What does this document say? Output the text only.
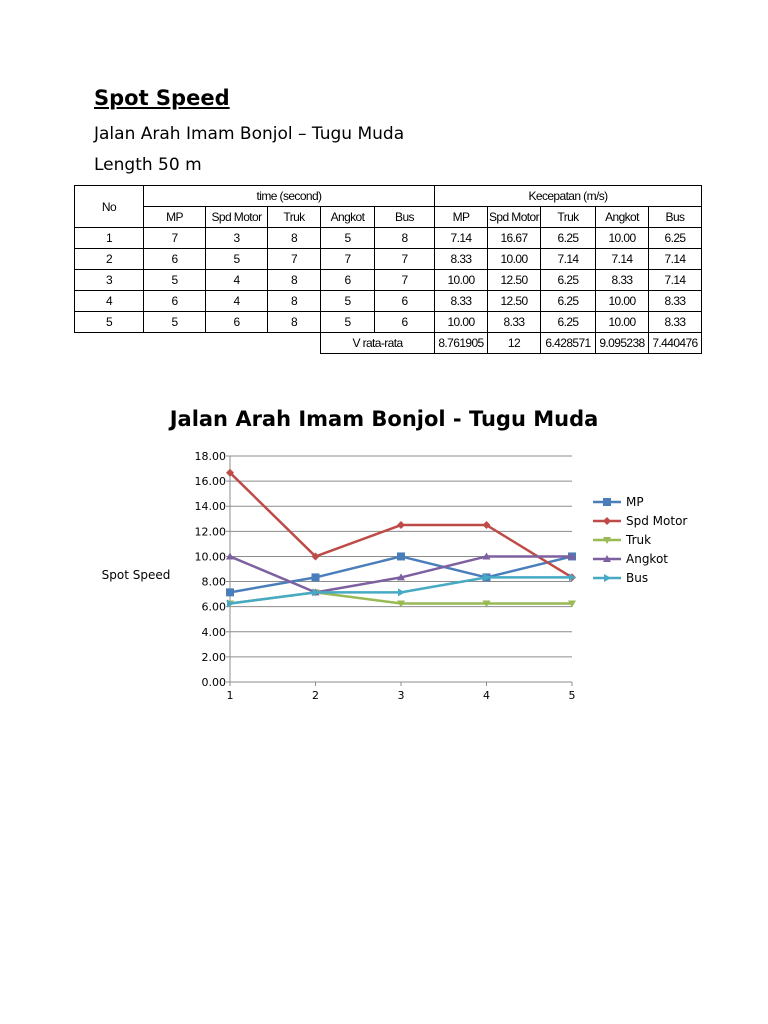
Spot Speed
Jalan Arah Imam Bonjol – Tugu Muda
Length 50 m
No	time (second)					Kecepatan (m/s)				
	MP	Spd Motor	Truk	Angkot	Bus	MP	Spd Motor	Truk	Angkot	Bus
1	7	3	8	5	8	7.14	16.67	6.25	10.00	6.25
2	6	5	7	7	7	8.33	10.00	7.14	7.14	7.14
3	5	4	8	6	7	10.00	12.50	6.25	8.33	7.14
4	6	4	8	5	6	8.33	12.50	6.25	10.00	8.33
5	5	6	8	5	6	10.00	8.33	6.25	10.00	8.33
				V rata-rata		8.761905	12	6.428571	9.095238	7.440476
Jalan Arah Imam Bonjol - Tugu Muda
0.00
2.00
4.00
6.00
8.00
10.00
12.00
14.00
16.00
18.00
1	2	3	4	5
Spot Speed
MP
Spd Motor
Truk
Angkot
Bus
